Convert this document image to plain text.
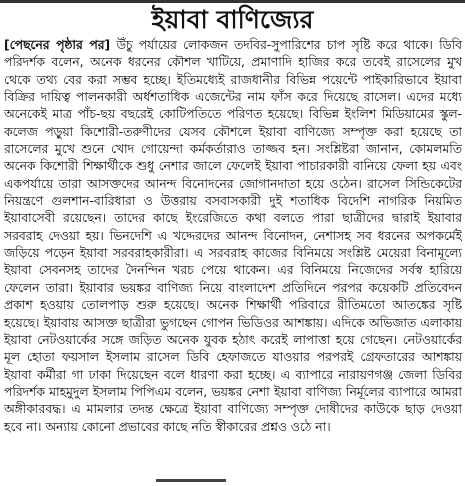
ইয়াবা বাণিজ্যের
[পেছনের পৃষ্ঠার পর] উঁচু পর্যায়ের লোকজন তদবির-সুপারিশের চাপ সৃষ্টি করে থাকে। ডিবি পরিদর্শক বলেন, অনেক ধরনের কৌশল খাটিয়ে, প্রমাণাদি হাজির করে তবেই রাসেলের মুখ থেকে তথ্য বের করা সম্ভব হচ্ছে। ইতিমধ্যেই রাজধানীর বিভিন্ন পয়েন্টে পাইকারিভাবে ইয়াবা বিক্রির দায়িত্ব পালনকারী অর্ধশতাধিক এজেন্টের নাম ফাঁস করে দিয়েছে রাসেল। এদের মধ্যে অনেকেই মাত্র পাঁচ-ছয় বছরেই কোটিপতিতে পরিণত হয়েছে। বিভিন্ন ইংলিশ মিডিয়ামের স্কুল-কলেজ পড়ুয়া কিশোরী-তরুণীদের যেসব কৌশলে ইয়াবা বাণিজ্যে সম্পৃক্ত করা হয়েছে তা রাসেলের মুখে শুনে খোদ গোয়েন্দা কর্মকর্তারাও তাজ্জব হন। সংশ্লিষ্টরা জানান, কোমলমতি অনেক কিশোরী শিক্ষার্থীকে শুধু নেশার জালে ফেলেই ইয়াবা পাচারকারী বানিয়ে ফেলা হয় এবং একপর্যায়ে তারা আসক্তদের আনন্দ বিনোদনের জোগানদাতা হয়ে ওঠেন। রাসেল সিন্ডিকেটের নিয়ন্ত্রণে গুলশান-বারিধারা ও উত্তরায় বসবাসকারী দুই শতাধিক বিদেশি নাগরিক নিয়মিত ইয়াবাসেবী রয়েছেন। তাদের কাছে ইংরেজিতে কথা বলতে পারা ছাত্রীদের দ্বারাই ইয়াবার সরবরাহ দেওয়া হয়। ভিনদেশি এ খদ্দেরদের আনন্দ বিনোদন, নেশাসহ সব ধরনের অপকর্মেই জড়িয়ে পড়েন ইয়াবা সরবরাহকারীরা। এ সরবরাহ কাজের বিনিময়ে সংশ্লিষ্ট মেয়েরা বিনামূল্যে ইয়াবা সেবনসহ তাদের দৈনন্দিন খরচ পেয়ে থাকেন। এর বিনিময়ে নিজেদের সর্বস্ব হারিয়ে ফেলেন তারা। ইয়াবার ভয়ঙ্কর বাণিজ্য নিয়ে বাংলাদেশ প্রতিদিনে পরপর কয়েকটি প্রতিবেদন প্রকাশ হওয়ায় তোলপাড় শুরু হয়েছে। অনেক শিক্ষার্থী পরিবারে রীতিমতো আতঙ্কের সৃষ্টি হয়েছে। ইয়াবায় আসক্ত ছাত্রীরা ভুগছেন গোপন ভিডিওর আশঙ্কায়। এদিকে অভিজাত এলাকায় ইয়াবা নেটওয়ার্কের সঙ্গে জড়িত অনেক যুবক হঠাৎ করেই লাপাত্তা হয়ে গেছেন। নেটওয়ার্কের মূল হোতা ফয়সাল ইসলাম রাসেল ডিবি হেফাজতে যাওয়ার পরপরই গ্রেফতারের আশঙ্কায় ইয়াবা কর্মীরা গা ঢাকা দিয়েছেন বলে ধারণা করা হচ্ছে। এ ব্যাপারে নারায়ণগঞ্জ জেলা ডিবির পরিদর্শক মাহমুদুল ইসলাম পিপিএম বলেন, ভয়ঙ্কর নেশা ইয়াবা বাণিজ্য নির্মূলের ব্যাপারে আমরা অঙ্গীকারবদ্ধ। এ মামলার তদন্ত ক্ষেত্রে ইয়াবা বাণিজ্যে সম্পৃক্ত দোষীদের কাউকে ছাড় দেওয়া হবে না। অন্যায় কোনো প্রভাবের কাছে নতি স্বীকারের প্রশ্নও ওঠে না।
